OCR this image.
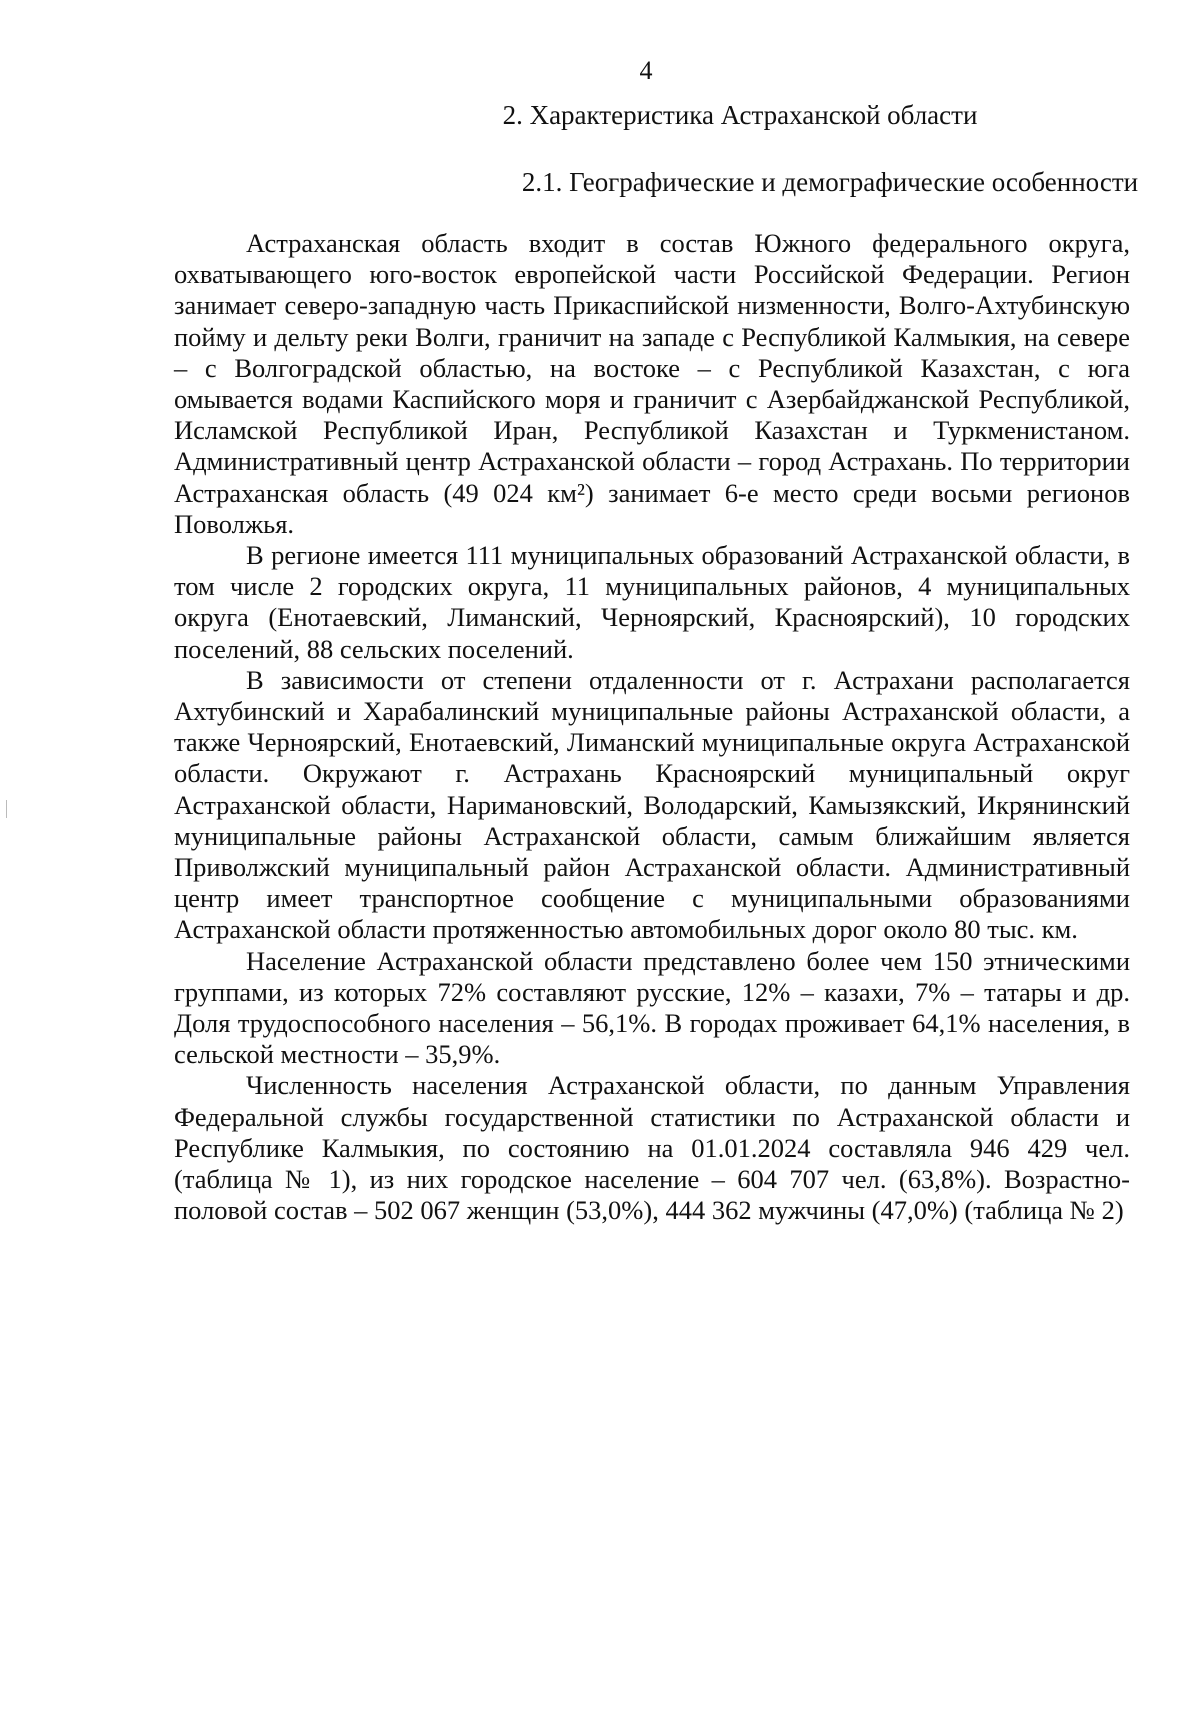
4
2. Характеристика Астраханской области
2.1. Географические и демографические особенности

Астраханская область входит в состав Южного федерального округа, охватывающего юго-восток европейской части Российской Федерации. Регион занимает северо-западную часть Прикаспийской низменности, Волго-Ахтубинскую пойму и дельту реки Волги, граничит на западе с Республикой Калмыкия, на севере – с Волгоградской областью, на востоке – с Республикой Казахстан, с юга омывается водами Каспийского моря и граничит с Азербайджанской Республикой, Исламской Республикой Иран, Республикой Казахстан и Туркменистаном. Административный центр Астраханской области – город Астрахань. По территории Астраханская область (49 024 км²) занимает 6-е место среди восьми регионов Поволжья.

В регионе имеется 111 муниципальных образований Астраханской области, в том числе 2 городских округа, 11 муниципальных районов, 4 муниципальных округа (Енотаевский, Лиманский, Черноярский, Красноярский), 10 городских поселений, 88 сельских поселений.

В зависимости от степени отдаленности от г. Астрахани располагается Ахтубинский и Харабалинский муниципальные районы Астраханской области, а также Черноярский, Енотаевский, Лиманский муниципальные округа Астраханской области. Окружают г. Астрахань Красноярский муниципальный округ Астраханской области, Наримановский, Володарский, Камызякский, Икрянинский муниципальные районы Астраханской области, самым ближайшим является Приволжский муниципальный район Астраханской области. Административный центр имеет транспортное сообщение с муниципальными образованиями Астраханской области протяженностью автомобильных дорог около 80 тыс. км.

Население Астраханской области представлено более чем 150 этническими группами, из которых 72% составляют русские, 12% – казахи, 7% – татары и др. Доля трудоспособного населения – 56,1%. В городах проживает 64,1% населения, в сельской местности – 35,9%.

Численность населения Астраханской области, по данным Управления Федеральной службы государственной статистики по Астраханской области и Республике Калмыкия, по состоянию на 01.01.2024 составляла 946 429 чел. (таблица № 1), из них городское население – 604 707 чел. (63,8%). Возрастнополовой состав – 502 067 женщин (53,0%), 444 362 мужчины (47,0%) (таблица № 2)
